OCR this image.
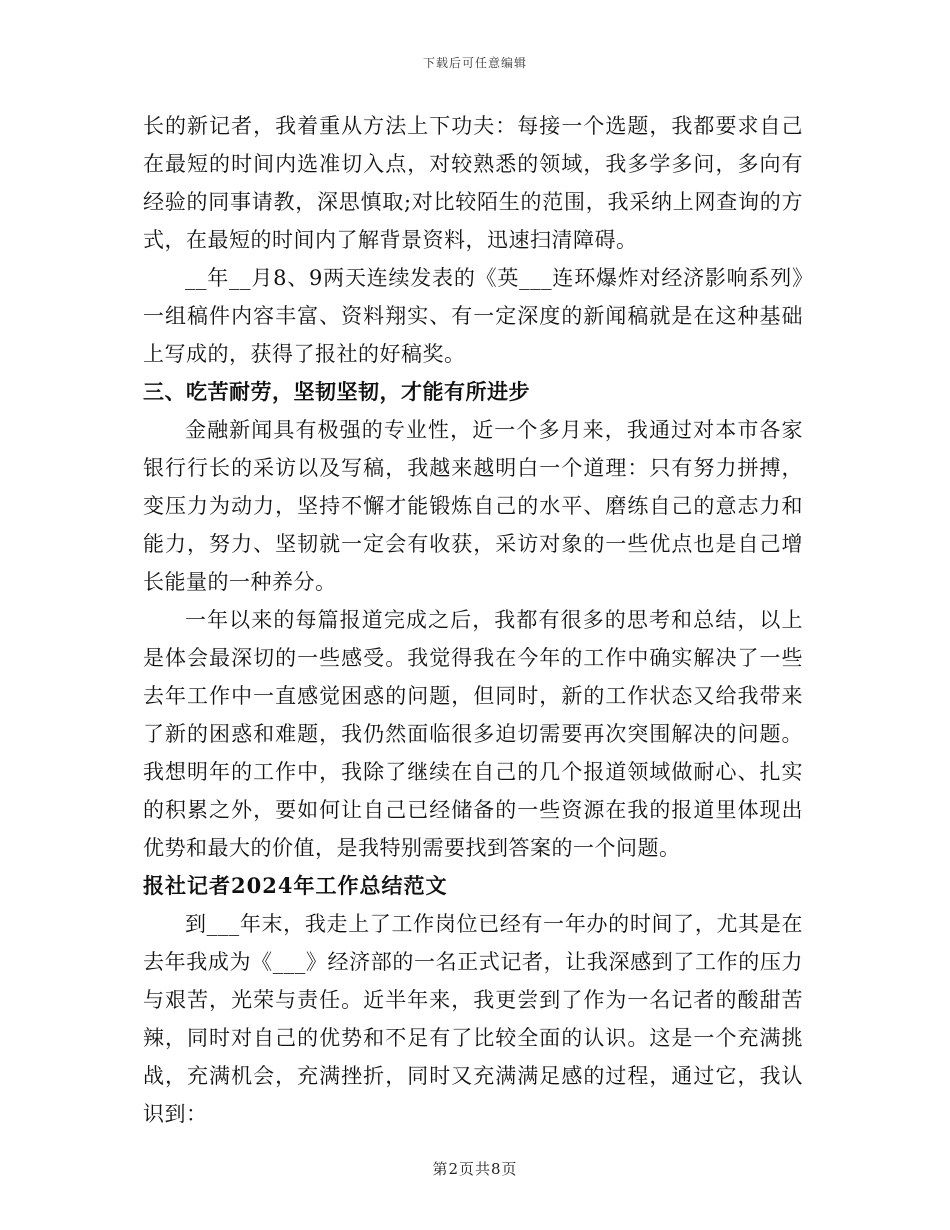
下载后可任意编辑

长的新记者，我着重从方法上下功夫：每接一个选题，我都要求自己在最短的时间内选准切入点，对较熟悉的领域，我多学多问，多向有经验的同事请教，深思慎取;对比较陌生的范围，我采纳上网查询的方式，在最短的时间内了解背景资料，迅速扫清障碍。

__年__月8、9两天连续发表的《英___连环爆炸对经济影响系列》一组稿件内容丰富、资料翔实、有一定深度的新闻稿就是在这种基础上写成的，获得了报社的好稿奖。

三、吃苦耐劳，坚韧坚韧，才能有所进步

金融新闻具有极强的专业性，近一个多月来，我通过对本市各家银行行长的采访以及写稿，我越来越明白一个道理：只有努力拼搏，变压力为动力，坚持不懈才能锻炼自己的水平、磨练自己的意志力和能力，努力、坚韧就一定会有收获，采访对象的一些优点也是自己增长能量的一种养分。

一年以来的每篇报道完成之后，我都有很多的思考和总结，以上是体会最深切的一些感受。我觉得我在今年的工作中确实解决了一些去年工作中一直感觉困惑的问题，但同时，新的工作状态又给我带来了新的困惑和难题，我仍然面临很多迫切需要再次突围解决的问题。我想明年的工作中，我除了继续在自己的几个报道领域做耐心、扎实的积累之外，要如何让自己已经储备的一些资源在我的报道里体现出优势和最大的价值，是我特别需要找到答案的一个问题。

报社记者2024年工作总结范文

到___年末，我走上了工作岗位已经有一年办的时间了，尤其是在去年我成为《___》经济部的一名正式记者，让我深感到了工作的压力与艰苦，光荣与责任。近半年来，我更尝到了作为一名记者的酸甜苦辣，同时对自己的优势和不足有了比较全面的认识。这是一个充满挑战，充满机会，充满挫折，同时又充满满足感的过程，通过它，我认识到：

第2页共8页
